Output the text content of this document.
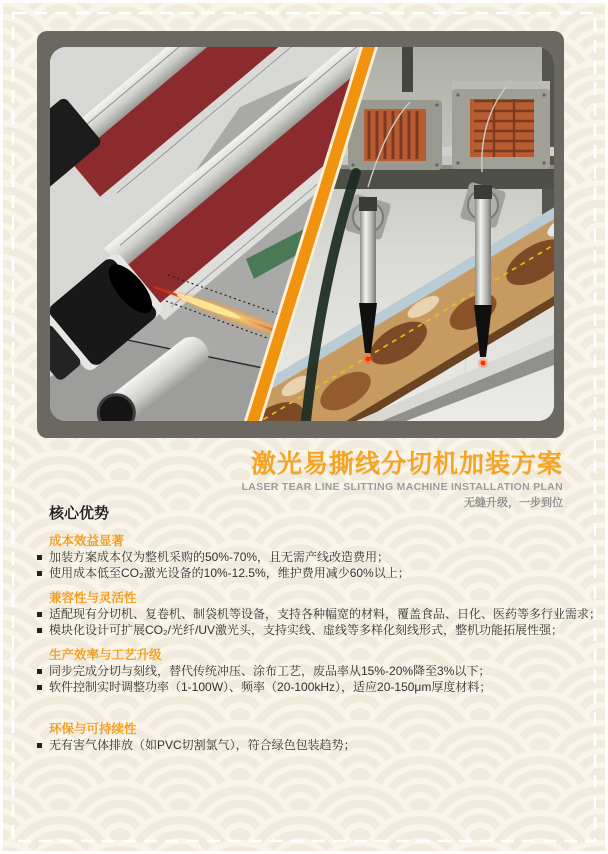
激光易撕线分切机加装方案
LASER TEAR LINE SLITTING MACHINE INSTALLATION PLAN
无缝升级，一步到位
核心优势
成本效益显著
加装方案成本仅为整机采购的50%-70%，且无需产线改造费用；
使用成本低至CO₂激光设备的10%-12.5%，维护费用减少60%以上；
兼容性与灵活性
适配现有分切机、复卷机、制袋机等设备，支持各种幅宽的材料，覆盖食品、日化、医药等多行业需求；
模块化设计可扩展CO₂/光纤/UV激光头，支持实线、虚线等多样化刻线形式，整机功能拓展性强；
生产效率与工艺升级
同步完成分切与刻线，替代传统冲压、涂布工艺，废品率从15%-20%降至3%以下；
软件控制实时调整功率（1-100W）、频率（20-100kHz），适应20-150μm厚度材料；
环保与可持续性
无有害气体排放（如PVC切割氯气），符合绿色包装趋势；
